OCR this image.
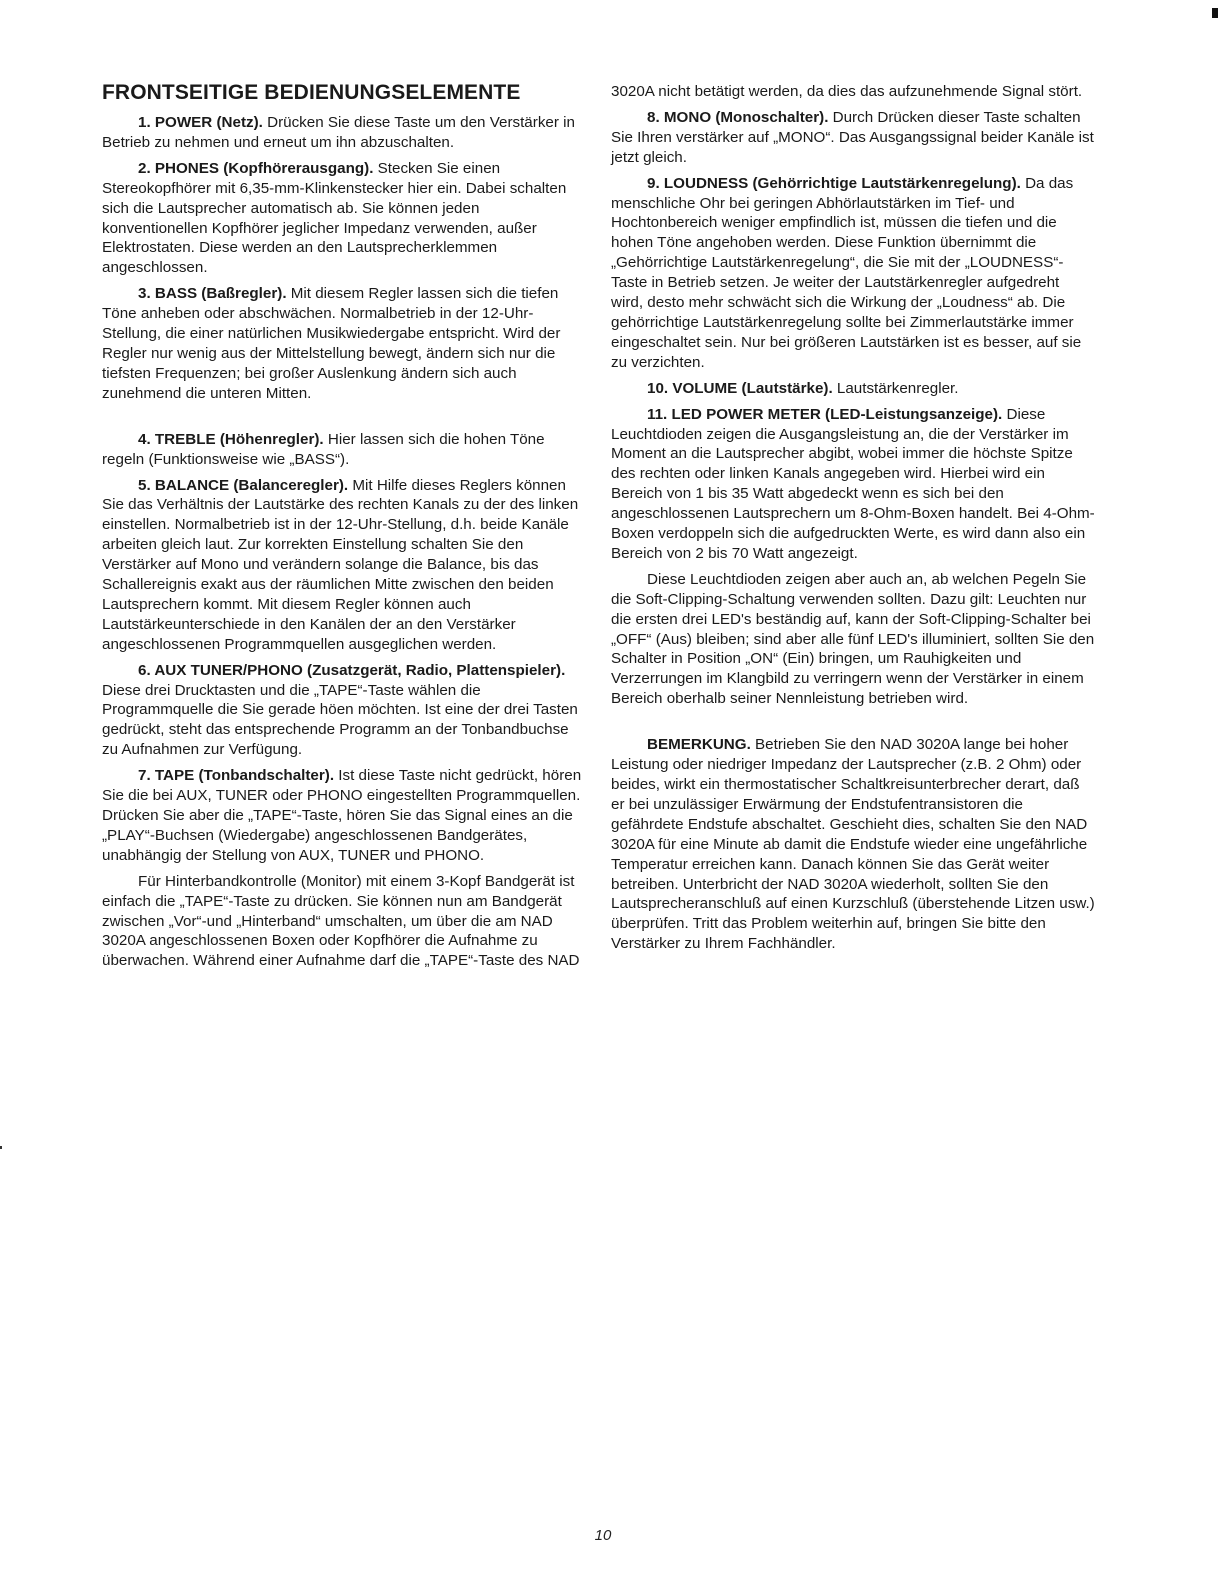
FRONTSEITIGE BEDIENUNGSELEMENTE

1. POWER (Netz). Drücken Sie diese Taste um den Verstärker in Betrieb zu nehmen und erneut um ihn abzuschalten.

2. PHONES (Kopfhörerausgang). Stecken Sie einen Stereokopfhörer mit 6,35-mm-Klinkenstecker hier ein. Dabei schalten sich die Lautsprecher automatisch ab. Sie können jeden konventionellen Kopfhörer jeglicher Impedanz verwenden, außer Elektrostaten. Diese werden an den Lautsprecherklemmen angeschlossen.

3. BASS (Baßregler). Mit diesem Regler lassen sich die tiefen Töne anheben oder abschwächen. Normalbetrieb in der 12-Uhr-Stellung, die einer natürlichen Musikwiedergabe entspricht. Wird der Regler nur wenig aus der Mittelstellung bewegt, ändern sich nur die tiefsten Frequenzen; bei großer Auslenkung ändern sich auch zunehmend die unteren Mitten.

4. TREBLE (Höhenregler). Hier lassen sich die hohen Töne regeln (Funktionsweise wie „BASS“).

5. BALANCE (Balanceregler). Mit Hilfe dieses Reglers können Sie das Verhältnis der Lautstärke des rechten Kanals zu der des linken einstellen. Normalbetrieb ist in der 12-Uhr-Stellung, d.h. beide Kanäle arbeiten gleich laut. Zur korrekten Einstellung schalten Sie den Verstärker auf Mono und verändern solange die Balance, bis das Schallereignis exakt aus der räumlichen Mitte zwischen den beiden Lautsprechern kommt. Mit diesem Regler können auch Lautstärkeunterschiede in den Kanälen der an den Verstärker angeschlossenen Programmquellen ausgeglichen werden.

6. AUX TUNER/PHONO (Zusatzgerät, Radio, Plattenspieler). Diese drei Drucktasten und die „TAPE“-Taste wählen die Programmquelle die Sie gerade höen möchten. Ist eine der drei Tasten gedrückt, steht das entsprechende Programm an der Tonbandbuchse zu Aufnahmen zur Verfügung.

7. TAPE (Tonbandschalter). Ist diese Taste nicht gedrückt, hören Sie die bei AUX, TUNER oder PHONO eingestellten Programmquellen. Drücken Sie aber die „TAPE“-Taste, hören Sie das Signal eines an die „PLAY“-Buchsen (Wiedergabe) angeschlossenen Bandgerätes, unabhängig der Stellung von AUX, TUNER und PHONO.

Für Hinterbandkontrolle (Monitor) mit einem 3-Kopf Bandgerät ist einfach die „TAPE“-Taste zu drücken. Sie können nun am Bandgerät zwischen „Vor“-und „Hinterband“ umschalten, um über die am NAD 3020A angeschlossenen Boxen oder Kopfhörer die Aufnahme zu überwachen. Während einer Aufnahme darf die „TAPE“-Taste des NAD

3020A nicht betätigt werden, da dies das aufzunehmende Signal stört.

8. MONO (Monoschalter). Durch Drücken dieser Taste schalten Sie Ihren verstärker auf „MONO“. Das Ausgangssignal beider Kanäle ist jetzt gleich.

9. LOUDNESS (Gehörrichtige Lautstärkenregelung). Da das menschliche Ohr bei geringen Abhörlautstärken im Tief- und Hochtonbereich weniger empfindlich ist, müssen die tiefen und die hohen Töne angehoben werden. Diese Funktion übernimmt die „Gehörrichtige Lautstärkenregelung“, die Sie mit der „LOUDNESS“-Taste in Betrieb setzen. Je weiter der Lautstärkenregler aufgedreht wird, desto mehr schwächt sich die Wirkung der „Loudness“ ab. Die gehörrichtige Lautstärkenregelung sollte bei Zimmerlautstärke immer eingeschaltet sein. Nur bei größeren Lautstärken ist es besser, auf sie zu verzichten.

10. VOLUME (Lautstärke). Lautstärkenregler.

11. LED POWER METER (LED-Leistungsanzeige). Diese Leuchtdioden zeigen die Ausgangsleistung an, die der Verstärker im Moment an die Lautsprecher abgibt, wobei immer die höchste Spitze des rechten oder linken Kanals angegeben wird. Hierbei wird ein Bereich von 1 bis 35 Watt abgedeckt wenn es sich bei den angeschlossenen Lautsprechern um 8-Ohm-Boxen handelt. Bei 4-Ohm-Boxen verdoppeln sich die aufgedruckten Werte, es wird dann also ein Bereich von 2 bis 70 Watt angezeigt.

Diese Leuchtdioden zeigen aber auch an, ab welchen Pegeln Sie die Soft-Clipping-Schaltung verwenden sollten. Dazu gilt: Leuchten nur die ersten drei LED's beständig auf, kann der Soft-Clipping-Schalter bei „OFF“ (Aus) bleiben; sind aber alle fünf LED's illuminiert, sollten Sie den Schalter in Position „ON“ (Ein) bringen, um Rauhigkeiten und Verzerrungen im Klangbild zu verringern wenn der Verstärker in einem Bereich oberhalb seiner Nennleistung betrieben wird.

BEMERKUNG. Betrieben Sie den NAD 3020A lange bei hoher Leistung oder niedriger Impedanz der Lautsprecher (z.B. 2 Ohm) oder beides, wirkt ein thermostatischer Schaltkreisunterbrecher derart, daß er bei unzulässiger Erwärmung der Endstufentransistoren die gefährdete Endstufe abschaltet. Geschieht dies, schalten Sie den NAD 3020A für eine Minute ab damit die Endstufe wieder eine ungefährliche Temperatur erreichen kann. Danach können Sie das Gerät weiter betreiben. Unterbricht der NAD 3020A wiederholt, sollten Sie den Lautsprecheranschluß auf einen Kurzschluß (überstehende Litzen usw.) überprüfen. Tritt das Problem weiterhin auf, bringen Sie bitte den Verstärker zu Ihrem Fachhändler.

10
